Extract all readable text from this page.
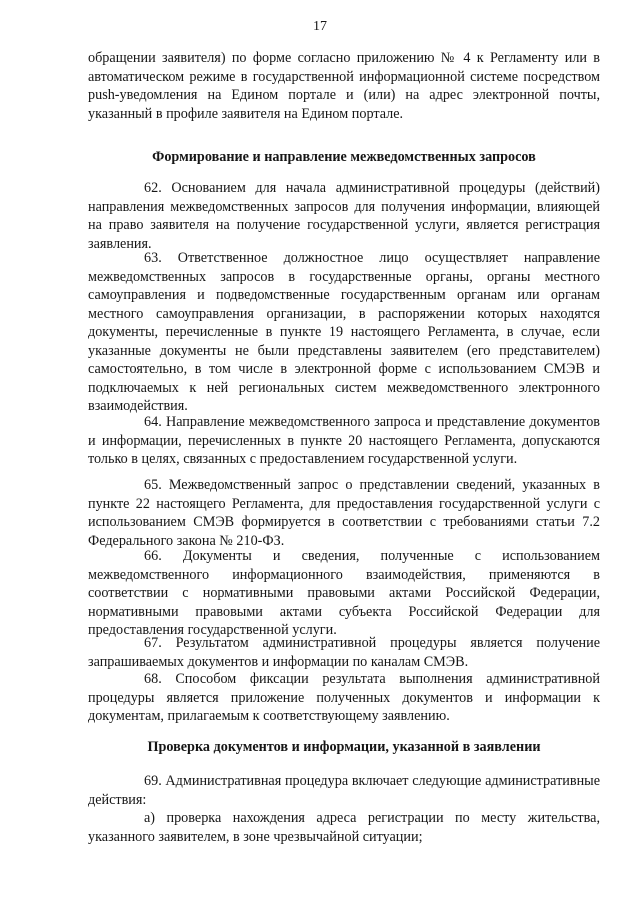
17

обращении заявителя) по форме согласно приложению № 4 к Регламенту или в автоматическом режиме в государственной информационной системе посредством push-уведомления на Едином портале и (или) на адрес электронной почты, указанный в профиле заявителя на Едином портале.

Формирование и направление межведомственных запросов

62. Основанием для начала административной процедуры (действий) направления межведомственных запросов для получения информации, влияющей на право заявителя на получение государственной услуги, является регистрация заявления.

63. Ответственное должностное лицо осуществляет направление межведомственных запросов в государственные органы, органы местного самоуправления и подведомственные государственным органам или органам местного самоуправления организации, в распоряжении которых находятся документы, перечисленные в пункте 19 настоящего Регламента, в случае, если указанные документы не были представлены заявителем (его представителем) самостоятельно, в том числе в электронной форме с использованием СМЭВ и подключаемых к ней региональных систем межведомственного электронного взаимодействия.

64. Направление межведомственного запроса и представление документов и информации, перечисленных в пункте 20 настоящего Регламента, допускаются только в целях, связанных с предоставлением государственной услуги.

65. Межведомственный запрос о представлении сведений, указанных в пункте 22 настоящего Регламента, для предоставления государственной услуги с использованием СМЭВ формируется в соответствии с требованиями статьи 7.2 Федерального закона № 210-ФЗ.

66. Документы и сведения, полученные с использованием межведомственного информационного взаимодействия, применяются в соответствии с нормативными правовыми актами Российской Федерации, нормативными правовыми актами субъекта Российской Федерации для предоставления государственной услуги.

67. Результатом административной процедуры является получение запрашиваемых документов и информации по каналам СМЭВ.

68. Способом фиксации результата выполнения административной процедуры является приложение полученных документов и информации к документам, прилагаемым к соответствующему заявлению.

Проверка документов и информации, указанной в заявлении

69. Административная процедура включает следующие административные действия:

а) проверка нахождения адреса регистрации по месту жительства, указанного заявителем, в зоне чрезвычайной ситуации;
